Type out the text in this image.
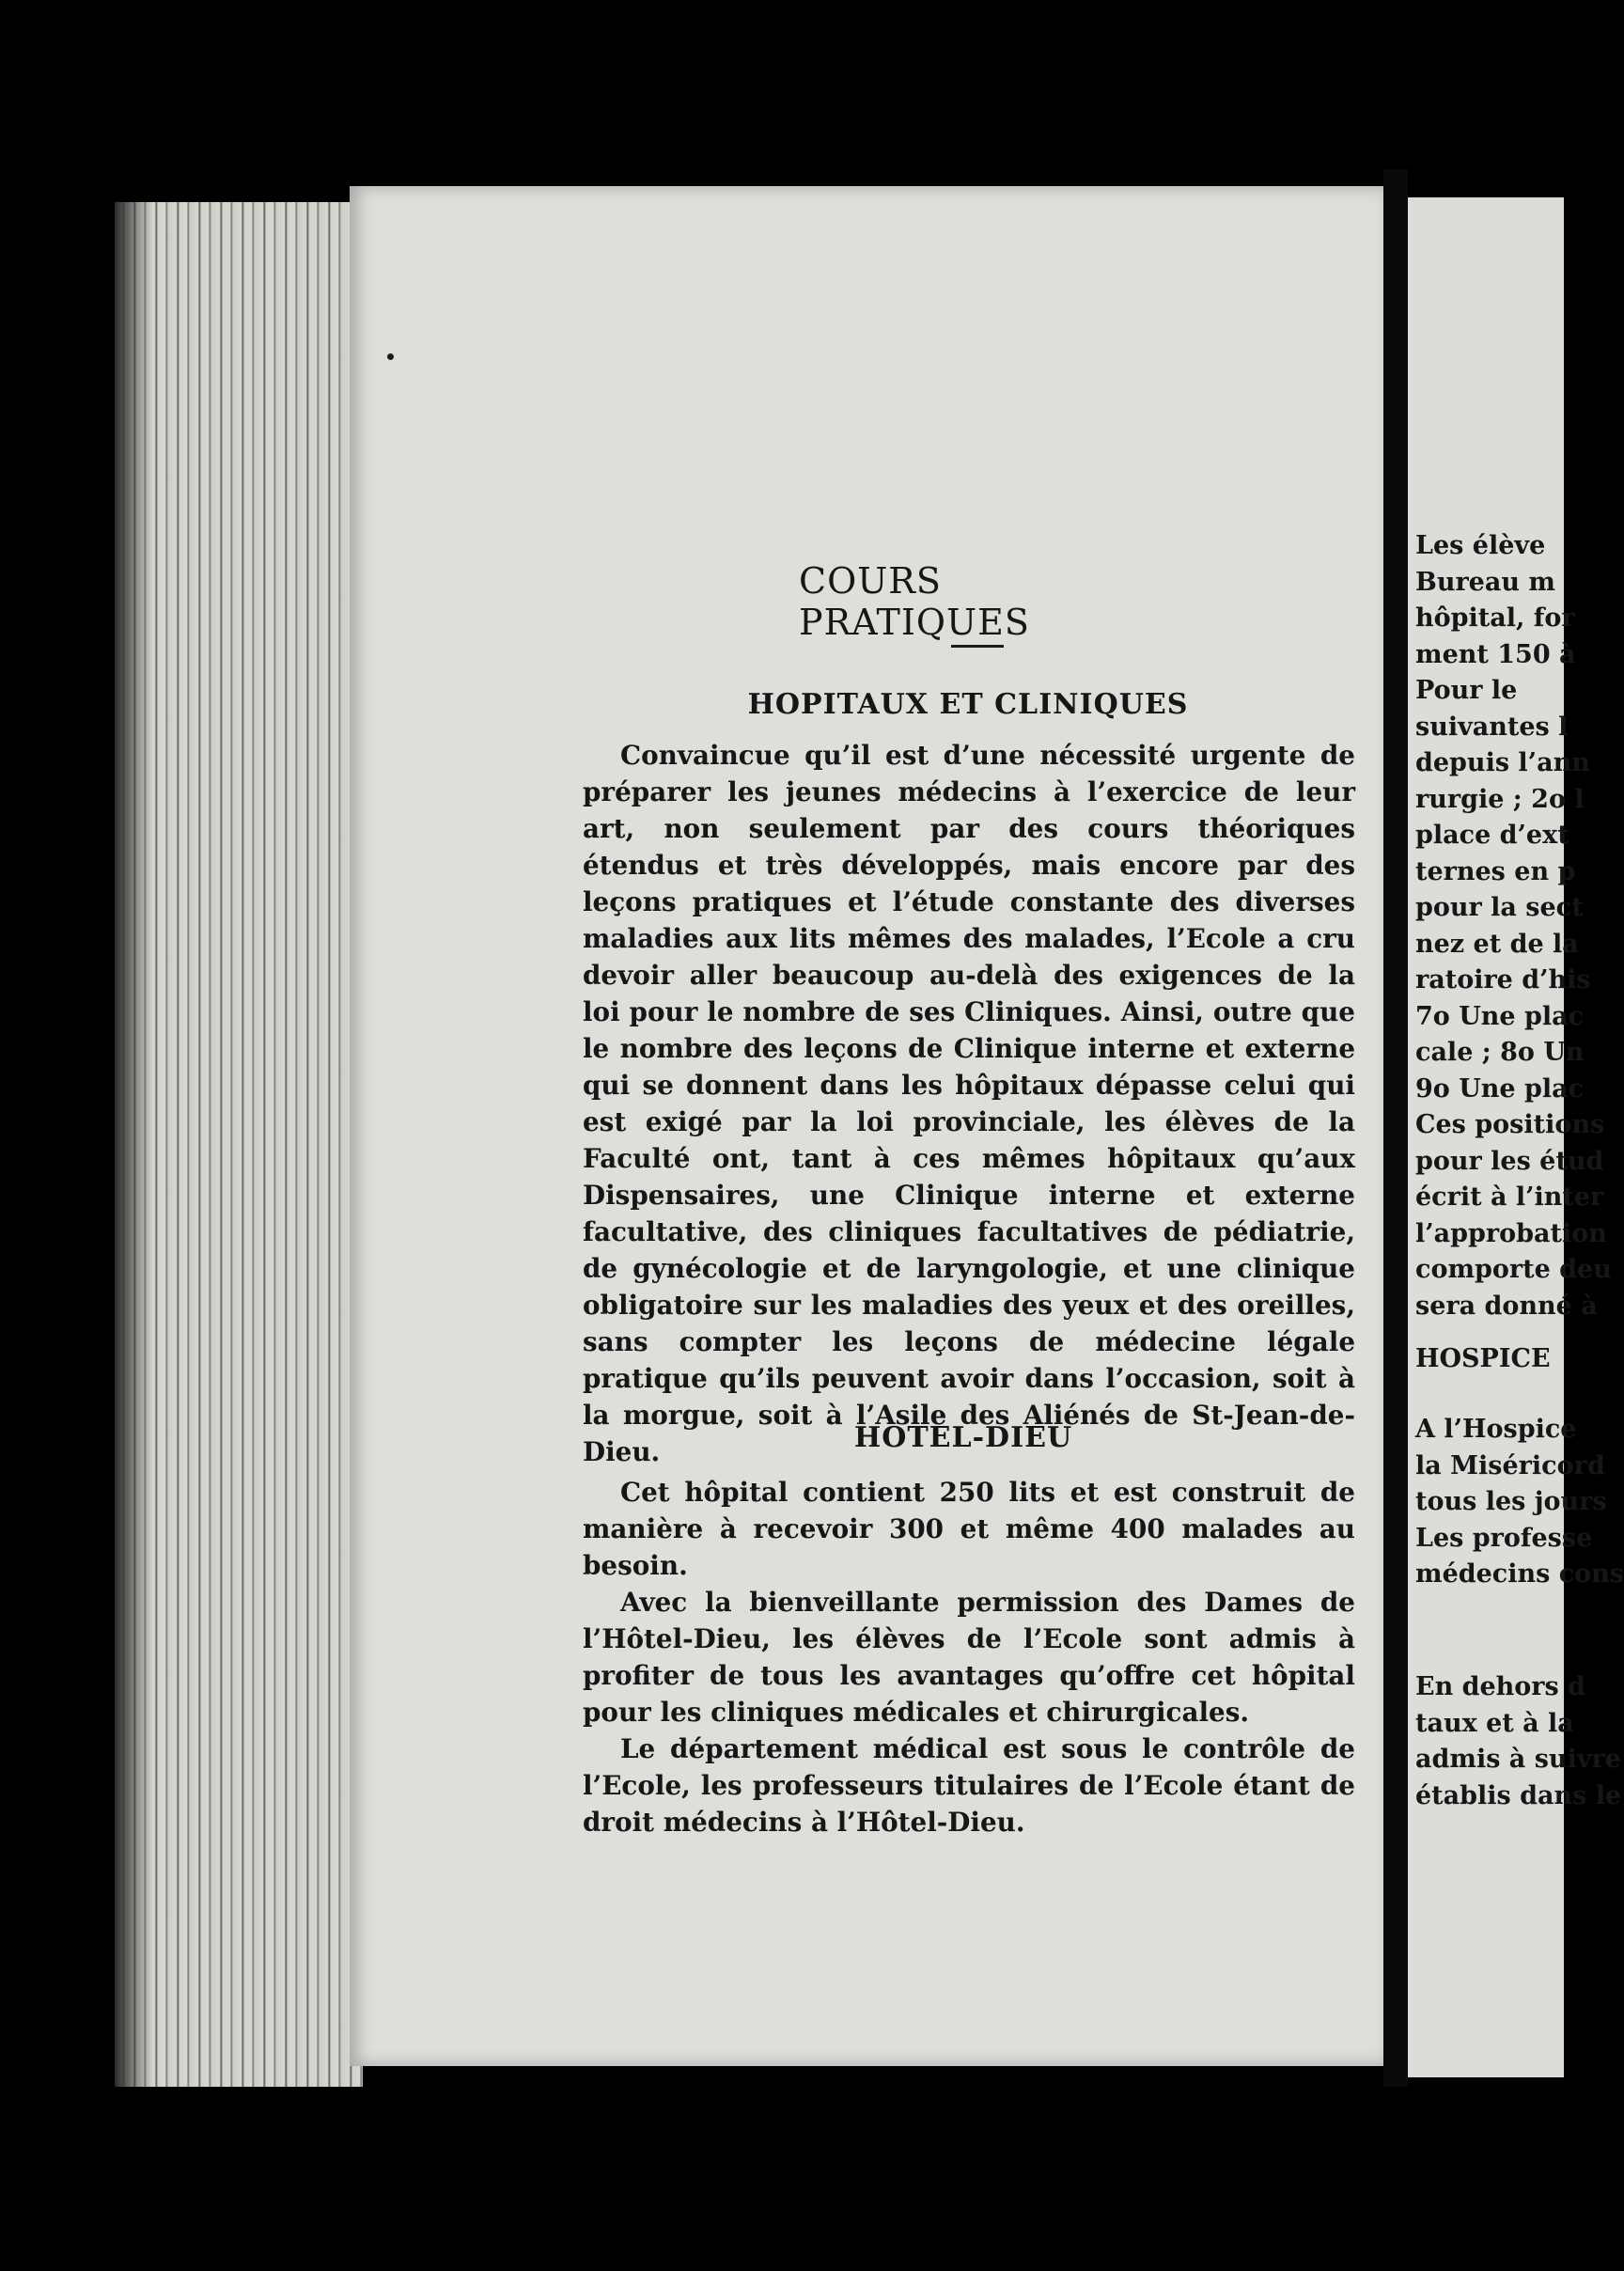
COURS PRATIQUES
HOPITAUX ET CLINIQUES

Convaincue qu’il est d’une nécessité urgente de préparer les jeunes médecins à l’exercice de leur art, non seulement par des cours théoriques étendus et très développés, mais encore par des leçons pratiques et l’étude constante des diverses maladies aux lits mêmes des malades, l’Ecole a cru devoir aller beaucoup au-delà des exigences de la loi pour le nombre de ses Cliniques. Ainsi, outre que le nombre des leçons de Clinique interne et externe qui se donnent dans les hôpitaux dépasse celui qui est exigé par la loi provinciale, les élèves de la Faculté ont, tant à ces mêmes hôpitaux qu’aux Dispensaires, une Clinique interne et externe facultative, des cliniques facultatives de pédiatrie, de gynécologie et de laryngologie, et une clinique obligatoire sur les maladies des yeux et des oreilles, sans compter les leçons de médecine légale pratique qu’ils peuvent avoir dans l’occasion, soit à la morgue, soit à l’Asile des Aliénés de St-Jean-de-Dieu.	HOTEL-DIEU

Cet hôpital contient 250 lits et est construit de manière à recevoir 300 et même 400 malades au besoin.

Avec la bienveillante permission des Dames de l’Hôtel-Dieu, les élèves de l’Ecole sont admis à profiter de tous les avantages qu’offre cet hôpital pour les cliniques médicales et chirurgicales.

Le département médical est sous le contrôle de l’Ecole, les professeurs titulaires de l’Ecole étant de droit médecins à l’Hôtel-Dieu.

Les élève
Bureau m
hôpital, for
ment 150 à
Pour le
suivantes l
depuis l’ann
rurgie ; 2o l
place d’ext
ternes en p
pour la sect
nez et de la
ratoire d’his
7o Une plac
cale ; 8o Un
9o Une plac
Ces positions
pour les étud
écrit à l’inter
l’approbation
comporte deu
sera donné à
HOSPICE
A l’Hospice
la Miséricord
tous les jours
Les professe
médecins cons
En dehors d
taux et à la
admis à suivre
établis dans le
